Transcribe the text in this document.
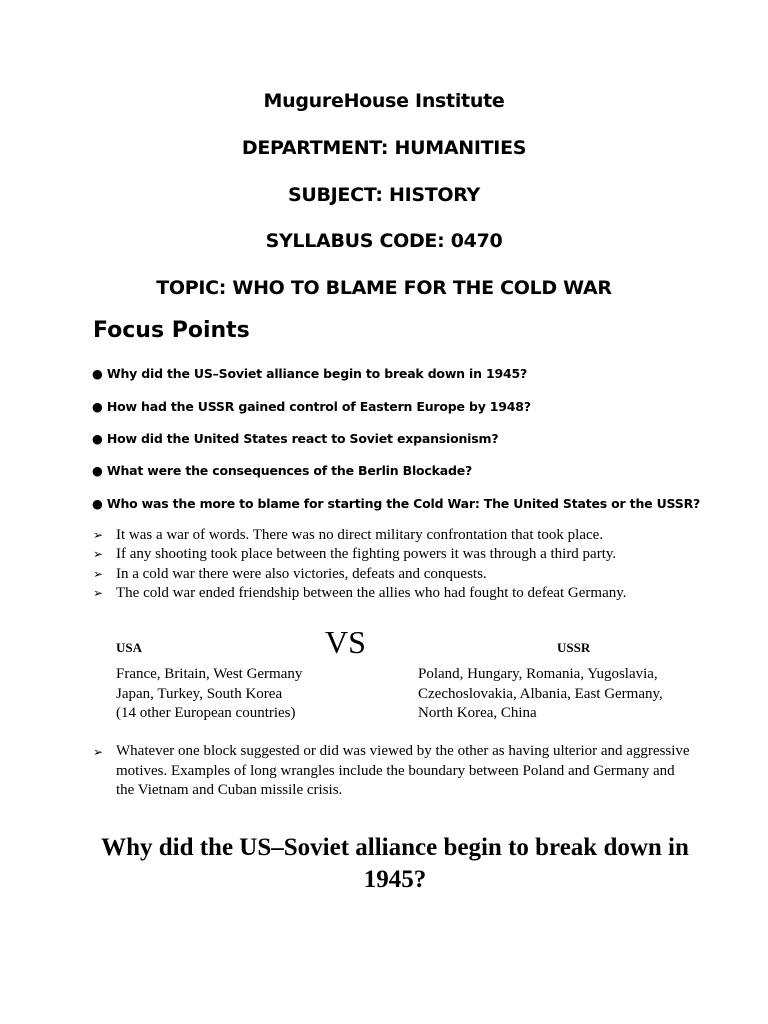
MugureHouse Institute
DEPARTMENT: HUMANITIES
SUBJECT: HISTORY
SYLLABUS CODE: 0470
TOPIC: WHO TO BLAME FOR THE COLD WAR
Focus Points
● Why did the US–Soviet alliance begin to break down in 1945?
● How had the USSR gained control of Eastern Europe by 1948?
● How did the United States react to Soviet expansionism?
● What were the consequences of the Berlin Blockade?
● Who was the more to blame for starting the Cold War: The United States or the USSR?
➢ It was a war of words. There was no direct military confrontation that took place.
➢ If any shooting took place between the fighting powers it was through a third party.
➢ In a cold war there were also victories, defeats and conquests.
➢ The cold war ended friendship between the allies who had fought to defeat Germany.
USA	VS	USSR
France, Britain, West Germany
Japan, Turkey, South Korea
(14 other European countries)
Poland, Hungary, Romania, Yugoslavia,
Czechoslovakia, Albania, East Germany,
North Korea, China
➢ Whatever one block suggested or did was viewed by the other as having ulterior and aggressive motives. Examples of long wrangles include the boundary between Poland and Germany and the Vietnam and Cuban missile crisis.
Why did the US–Soviet alliance begin to break down in 1945?
